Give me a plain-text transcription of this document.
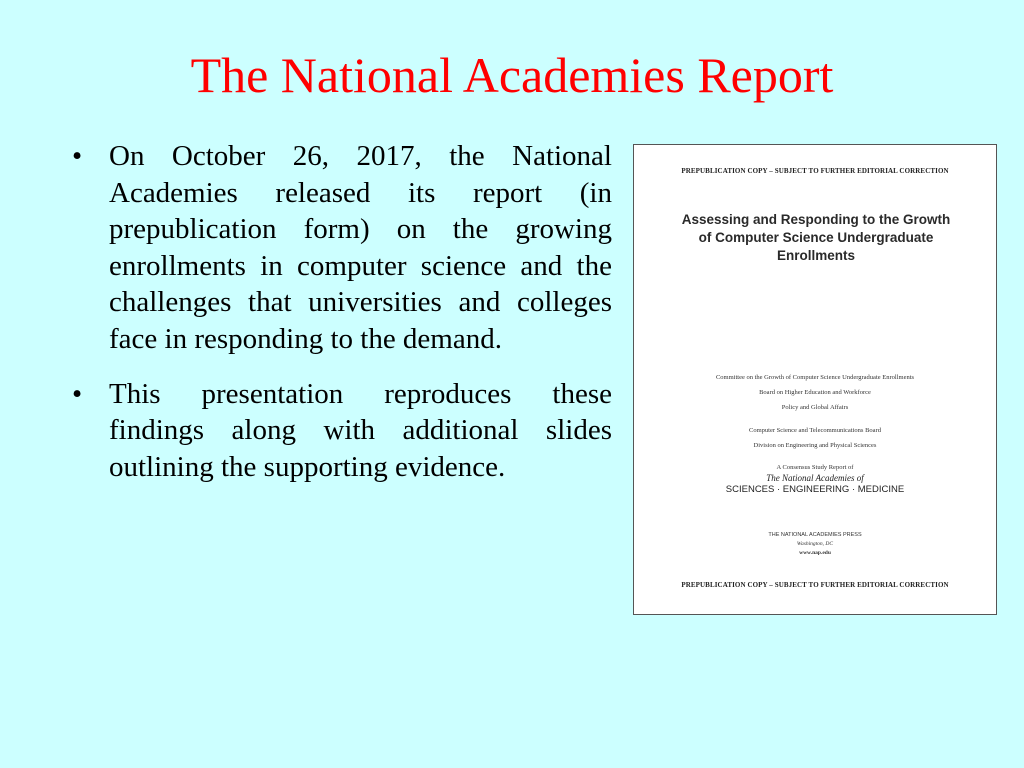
The National Academies Report
• On October 26, 2017, the National Academies released its report (in prepublication form) on the growing enrollments in computer science and the challenges that universities and colleges face in responding to the demand.
• This presentation reproduces these findings along with additional slides outlining the supporting evidence.
PREPUBLICATION COPY – SUBJECT TO FURTHER EDITORIAL CORRECTION
Assessing and Responding to the Growth of Computer Science Undergraduate Enrollments
Committee on the Growth of Computer Science Undergraduate Enrollments
Board on Higher Education and Workforce
Policy and Global Affairs
Computer Science and Telecommunications Board
Division on Engineering and Physical Sciences
A Consensus Study Report of
The National Academies of
SCIENCES · ENGINEERING · MEDICINE
THE NATIONAL ACADEMIES PRESS
Washington, DC
www.nap.edu
PREPUBLICATION COPY – SUBJECT TO FURTHER EDITORIAL CORRECTION
